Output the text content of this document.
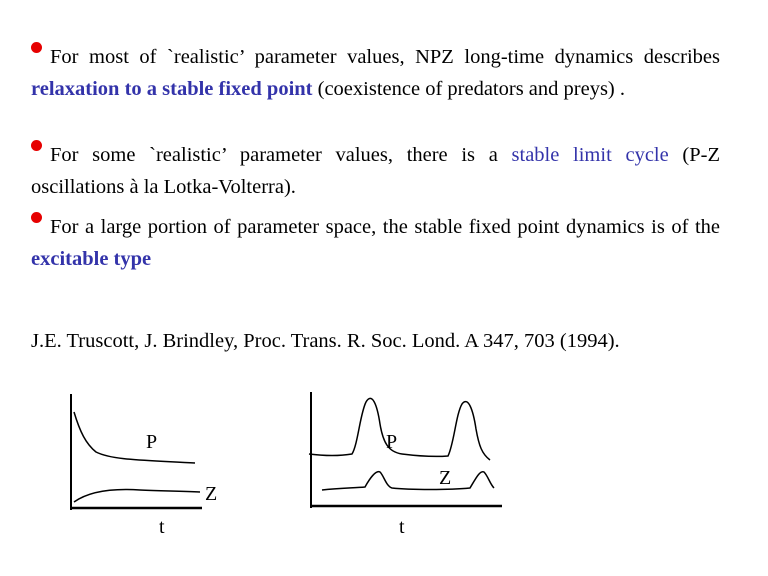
For most of `realistic’ parameter values, NPZ long-time dynamics describes relaxation to a stable fixed point (coexistence of predators and preys) .
For some `realistic’ parameter values, there is a stable limit cycle (P-Z oscillations à la Lotka-Volterra).
For a large portion of parameter space, the stable fixed point dynamics is of the excitable type
J.E. Truscott, J. Brindley, Proc. Trans. R. Soc. Lond. A 347, 703 (1994).
P
Z
t
P
Z
t
